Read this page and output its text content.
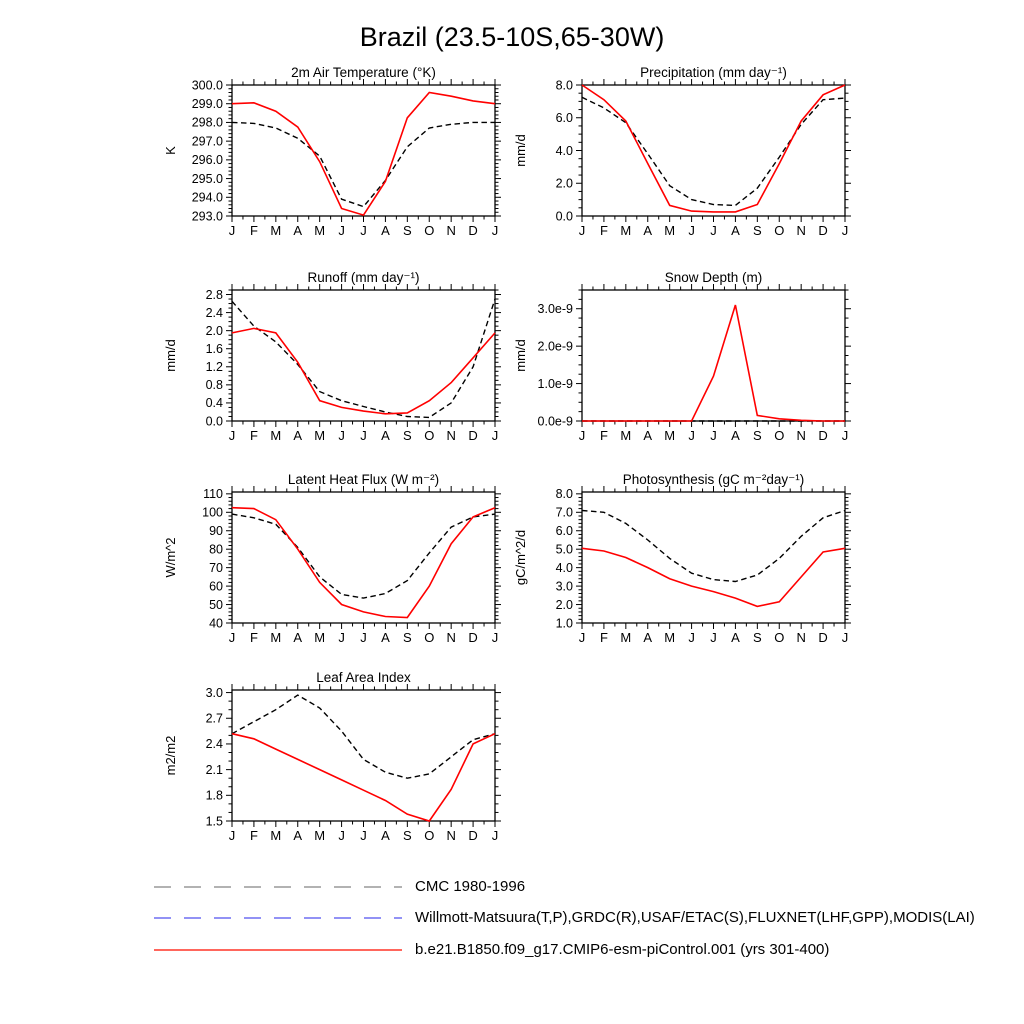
Brazil (23.5-10S,65-30W)
293.0
294.0
295.0
296.0
297.0
298.0
299.0
300.0
J F M A M J J A S O N D J
2m Air Temperature (°K)
K
0.0
2.0
4.0
6.0
8.0
J F M A M J J A S O N D J
Precipitation (mm day⁻¹)
mm/d
0.0
0.4
0.8
1.2
1.6
2.0
2.4
2.8
J F M A M J J A S O N D J
Runoff (mm day⁻¹)
mm/d
0.0e-9
1.0e-9
2.0e-9
3.0e-9
J F M A M J J A S O N D J
Snow Depth (m)
mm/d
40
50
60
70
80
90
100
110
J F M A M J J A S O N D J
Latent Heat Flux (W m⁻²)
W/m^2
1.0
2.0
3.0
4.0
5.0
6.0
7.0
8.0
J F M A M J J A S O N D J
Photosynthesis (gC m⁻²day⁻¹)
gC/m^2/d
1.5
1.8
2.1
2.4
2.7
3.0
J F M A M J J A S O N D J
Leaf Area Index
m2/m2
CMC 1980-1996
Willmott-Matsuura(T,P),GRDC(R),USAF/ETAC(S),FLUXNET(LHF,GPP),MODIS(LAI)
b.e21.B1850.f09_g17.CMIP6-esm-piControl.001 (yrs 301-400)
